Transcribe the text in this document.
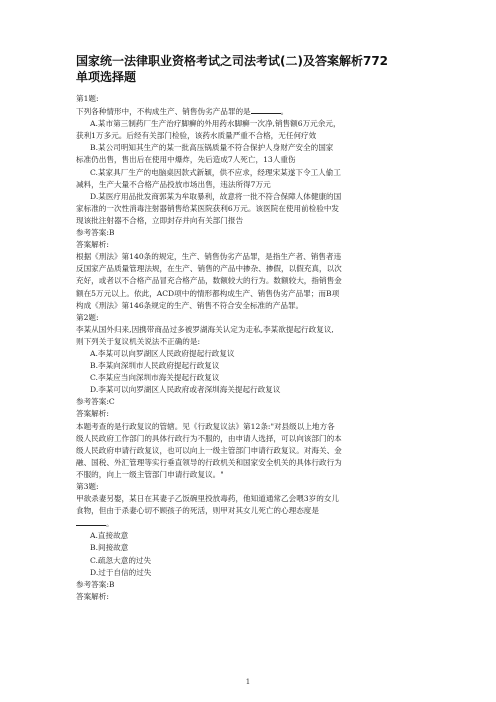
国家统一法律职业资格考试之司法考试(二)及答案解析772
单项选择题
第1题:
下列各种情形中，不构成生产、销售伪劣产品罪的是	。
A.某市第三制药厂生产治疗脚癣的外用药水脚癣一次净,销售额6万元余元，
获利1万多元。后经有关部门检验，该药水质量严重不合格，无任何疗效
B.某公司明知其生产的某一批高压锅质量不符合保护人身财产安全的国家
标准仍出售，售出后在使用中爆炸，先后造成7人死亡，13人重伤
C.某家具厂生产的电脑桌因款式新颖，供不应求，经理宋某遂下令工人偷工
减料，生产大量不合格产品投放市场出售，违法所得7万元
D.某医疗用品批发商郭某为牟取暴利，故意将一批不符合保障人体健康的国
家标准的一次性消毒注射器销售给某医院获利6万元。该医院在使用前检验中发
现该批注射器不合格，立即封存并向有关部门报告
参考答案:B
答案解析:
根据《刑法》第140条的规定，生产、销售伪劣产品罪，是指生产者、销售者违
反国家产品质量管理法规，在生产、销售的产品中掺杂、掺假，以假充真，以次
充好，或者以不合格产品冒充合格产品，数额较大的行为。数额较大，指销售金
额在5万元以上。依此，ACD项中的情形都构成生产、销售伪劣产品罪；而B项
构成《刑法》第146条规定的生产、销售不符合安全标准的产品罪。
第2题:
李某从国外归来,因携带商品过多被罗湖海关认定为走私,李某欲提起行政复议,
则下列关于复议机关说法不正确的是:
A.李某可以向罗湖区人民政府提起行政复议
B.李某向深圳市人民政府提起行政复议
C.李某应当向深圳市海关提起行政复议
D.李某可以向罗湖区人民政府或者深圳海关提起行政复议
参考答案:C
答案解析:
本题考查的是行政复议的管辖。见《行政复议法》第12条:"对县级以上地方各
级人民政府工作部门的具体行政行为不服的，由申请人选择，可以向该部门的本
级人民政府申请行政复议，也可以向上一级主管部门申请行政复议。对海关、金
融、国税、外汇管理等实行垂直领导的行政机关和国家安全机关的具体行政行为
不服的，向上一级主管部门申请行政复议。"
第3题:
甲欲杀妻另娶，某日在其妻子乙饭碗里投放毒药，他知道通常乙会喂3岁的女儿
食物，但由于杀妻心切不顾孩子的死活，则甲对其女儿死亡的心理态度是
。
A.直接故意
B.间接故意
C.疏忽大意的过失
D.过于自信的过失
参考答案:B
答案解析:
1
